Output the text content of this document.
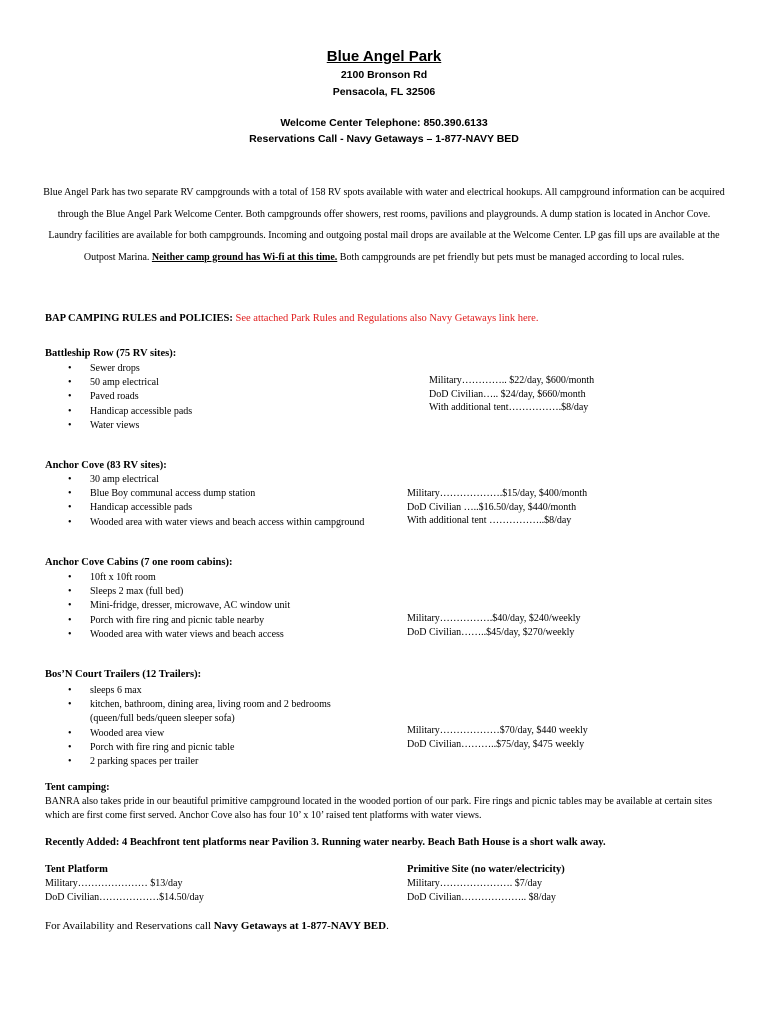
Blue Angel Park
2100 Bronson Rd
Pensacola, FL 32506
Welcome Center Telephone: 850.390.6133
Reservations Call - Navy Getaways – 1-877-NAVY BED
Blue Angel Park has two separate RV campgrounds with a total of 158 RV spots available with water and electrical hookups. All campground information can be acquired through the Blue Angel Park Welcome Center. Both campgrounds offer showers, rest rooms, pavilions and playgrounds. A dump station is located in Anchor Cove. Laundry facilities are available for both campgrounds. Incoming and outgoing postal mail drops are available at the Welcome Center. LP gas fill ups are available at the Outpost Marina. Neither camp ground has Wi-fi at this time. Both campgrounds are pet friendly but pets must be managed according to local rules.
BAP CAMPING RULES and POLICIES: See attached Park Rules and Regulations also Navy Getaways link here.
Battleship Row (75 RV sites):
• Sewer drops
• 50 amp electrical
• Paved roads
• Handicap accessible pads
• Water views
Military………….. $22/day, $600/month
DoD Civilian….. $24/day, $660/month
With additional tent…………….$8/day
Anchor Cove (83 RV sites):
• 30 amp electrical
• Blue Boy communal access dump station
• Handicap accessible pads
• Wooded area with water views and beach access within campground
Military……………….$15/day, $400/month
DoD Civilian …..$16.50/day, $440/month
With additional tent ……………..$8/day
Anchor Cove Cabins (7 one room cabins):
• 10ft x 10ft room
• Sleeps 2 max (full bed)
• Mini-fridge, dresser, microwave, AC window unit
• Porch with fire ring and picnic table nearby
• Wooded area with water views and beach access
Military…………….$40/day, $240/weekly
DoD Civilian……..$45/day, $270/weekly
Bos’N Court Trailers (12 Trailers):
• sleeps 6 max
• kitchen, bathroom, dining area, living room and 2 bedrooms (queen/full beds/queen sleeper sofa)
• Wooded area view
• Porch with fire ring and picnic table
• 2 parking spaces per trailer
Military………………$70/day, $440 weekly
DoD Civilian………..$75/day, $475 weekly
Tent camping:
BANRA also takes pride in our beautiful primitive campground located in the wooded portion of our park. Fire rings and picnic tables may be available at certain sites which are first come first served. Anchor Cove also has four 10’ x 10’ raised tent platforms with water views.
Recently Added: 4 Beachfront tent platforms near Pavilion 3. Running water nearby. Beach Bath House is a short walk away.
Tent Platform
Military………………… $13/day
DoD Civilian………………$14.50/day
Primitive Site (no water/electricity)
Military…………………. $7/day
DoD Civilian……………….. $8/day
For Availability and Reservations call Navy Getaways at 1-877-NAVY BED.
